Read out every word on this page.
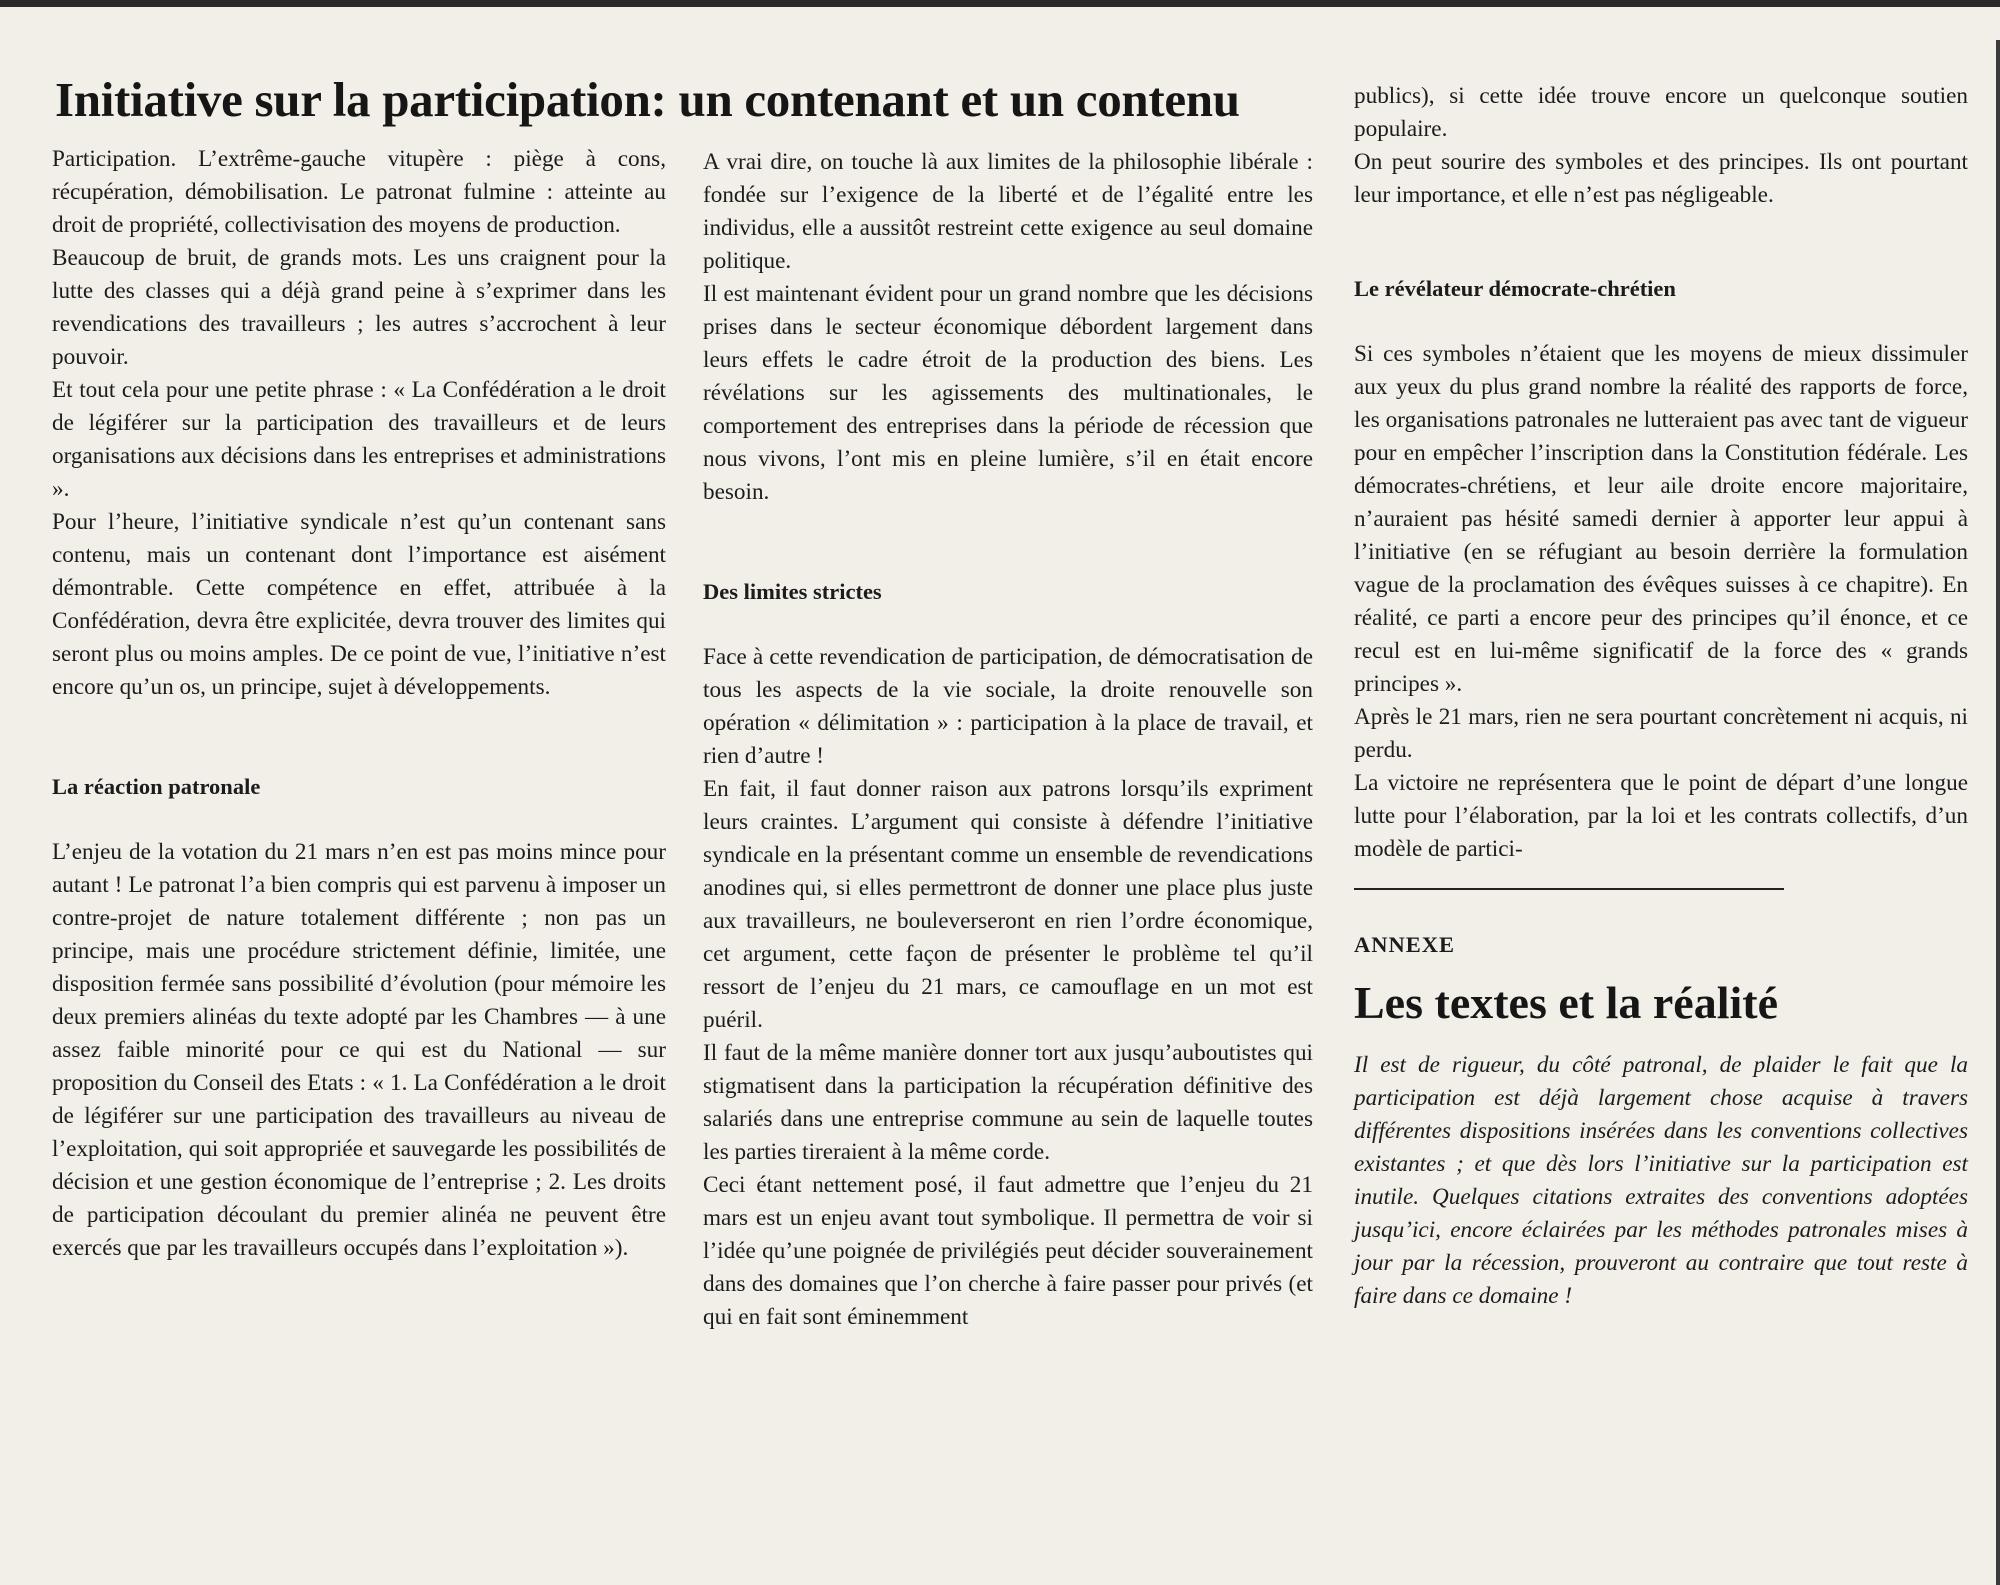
Initiative sur la participation: un contenant et un contenu

Participation. L’extrême-gauche vitupère : piège à cons, récupération, démobilisation. Le patronat fulmine : atteinte au droit de propriété, collectivisation des moyens de production.

Beaucoup de bruit, de grands mots. Les uns craignent pour la lutte des classes qui a déjà grand peine à s’exprimer dans les revendications des travailleurs ; les autres s’accrochent à leur pouvoir.

Et tout cela pour une petite phrase : « La Confédération a le droit de légiférer sur la participation des travailleurs et de leurs organisations aux décisions dans les entreprises et administrations ».

Pour l’heure, l’initiative syndicale n’est qu’un contenant sans contenu, mais un contenant dont l’importance est aisément démontrable. Cette compétence en effet, attribuée à la Confédération, devra être explicitée, devra trouver des limites qui seront plus ou moins amples. De ce point de vue, l’initiative n’est encore qu’un os, un principe, sujet à développements.

La réaction patronale

L’enjeu de la votation du 21 mars n’en est pas moins mince pour autant ! Le patronat l’a bien compris qui est parvenu à imposer un contre-projet de nature totalement différente ; non pas un principe, mais une procédure strictement définie, limitée, une disposition fermée sans possibilité d’évolution (pour mémoire les deux premiers alinéas du texte adopté par les Chambres — à une assez faible minorité pour ce qui est du National — sur proposition du Conseil des Etats : « 1. La Confédération a le droit de légiférer sur une participation des travailleurs au niveau de l’exploitation, qui soit appropriée et sauvegarde les possibilités de décision et une gestion économique de l’entreprise ; 2. Les droits de participation découlant du premier alinéa ne peuvent être exercés que par les travailleurs occupés dans l’exploitation »).

A vrai dire, on touche là aux limites de la philosophie libérale : fondée sur l’exigence de la liberté et de l’égalité entre les individus, elle a aussitôt restreint cette exigence au seul domaine politique.

Il est maintenant évident pour un grand nombre que les décisions prises dans le secteur économique débordent largement dans leurs effets le cadre étroit de la production des biens. Les révélations sur les agissements des multinationales, le comportement des entreprises dans la période de récession que nous vivons, l’ont mis en pleine lumière, s’il en était encore besoin.

Des limites strictes

Face à cette revendication de participation, de démocratisation de tous les aspects de la vie sociale, la droite renouvelle son opération « délimitation » : participation à la place de travail, et rien d’autre !

En fait, il faut donner raison aux patrons lorsqu’ils expriment leurs craintes. L’argument qui consiste à défendre l’initiative syndicale en la présentant comme un ensemble de revendications anodines qui, si elles permettront de donner une place plus juste aux travailleurs, ne bouleverseront en rien l’ordre économique, cet argument, cette façon de présenter le problème tel qu’il ressort de l’enjeu du 21 mars, ce camouflage en un mot est puéril.

Il faut de la même manière donner tort aux jusqu’auboutistes qui stigmatisent dans la participation la récupération définitive des salariés dans une entreprise commune au sein de laquelle toutes les parties tireraient à la même corde.

Ceci étant nettement posé, il faut admettre que l’enjeu du 21 mars est un enjeu avant tout symbolique. Il permettra de voir si l’idée qu’une poignée de privilégiés peut décider souverainement dans des domaines que l’on cherche à faire passer pour privés (et qui en fait sont éminemment

publics), si cette idée trouve encore un quelconque soutien populaire.

On peut sourire des symboles et des principes. Ils ont pourtant leur importance, et elle n’est pas négligeable.

Le révélateur démocrate-chrétien

Si ces symboles n’étaient que les moyens de mieux dissimuler aux yeux du plus grand nombre la réalité des rapports de force, les organisations patronales ne lutteraient pas avec tant de vigueur pour en empêcher l’inscription dans la Constitution fédérale. Les démocrates-chrétiens, et leur aile droite encore majoritaire, n’auraient pas hésité samedi dernier à apporter leur appui à l’initiative (en se réfugiant au besoin derrière la formulation vague de la proclamation des évêques suisses à ce chapitre). En réalité, ce parti a encore peur des principes qu’il énonce, et ce recul est en lui-même significatif de la force des « grands principes ».

Après le 21 mars, rien ne sera pourtant concrètement ni acquis, ni perdu.

La victoire ne représentera que le point de départ d’une longue lutte pour l’élaboration, par la loi et les contrats collectifs, d’un modèle de partici-

ANNEXE
Les textes et la réalité

Il est de rigueur, du côté patronal, de plaider le fait que la participation est déjà largement chose acquise à travers différentes dispositions insérées dans les conventions collectives existantes ; et que dès lors l’initiative sur la participation est inutile. Quelques citations extraites des conventions adoptées jusqu’ici, encore éclairées par les méthodes patronales mises à jour par la récession, prouveront au contraire que tout reste à faire dans ce domaine !
